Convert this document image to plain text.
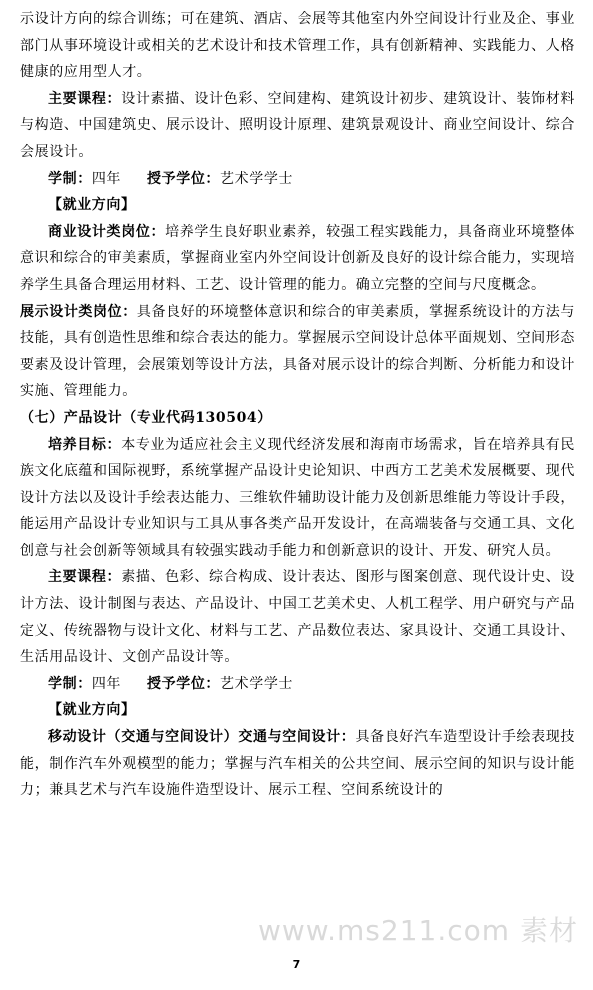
示设计方向的综合训练；可在建筑、酒店、会展等其他室内外空间设计行业及企、事业部门从事环境设计或相关的艺术设计和技术管理工作，具有创新精神、实践能力、人格健康的应用型人才。

主要课程：设计素描、设计色彩、空间建构、建筑设计初步、建筑设计、装饰材料与构造、中国建筑史、展示设计、照明设计原理、建筑景观设计、商业空间设计、综合会展设计。

学制：四年 授予学位：艺术学学士

【就业方向】

商业设计类岗位：培养学生良好职业素养，较强工程实践能力，具备商业环境整体意识和综合的审美素质，掌握商业室内外空间设计创新及良好的设计综合能力，实现培养学生具备合理运用材料、工艺、设计管理的能力。确立完整的空间与尺度概念。

展示设计类岗位：具备良好的环境整体意识和综合的审美素质，掌握系统设计的方法与技能，具有创造性思维和综合表达的能力。掌握展示空间设计总体平面规划、空间形态要素及设计管理，会展策划等设计方法，具备对展示设计的综合判断、分析能力和设计实施、管理能力。

（七）产品设计（专业代码130504）

培养目标：本专业为适应社会主义现代经济发展和海南市场需求，旨在培养具有民族文化底蕴和国际视野，系统掌握产品设计史论知识、中西方工艺美术发展概要、现代设计方法以及设计手绘表达能力、三维软件辅助设计能力及创新思维能力等设计手段，能运用产品设计专业知识与工具从事各类产品开发设计，在高端装备与交通工具、文化创意与社会创新等领域具有较强实践动手能力和创新意识的设计、开发、研究人员。

主要课程：素描、色彩、综合构成、设计表达、图形与图案创意、现代设计史、设计方法、设计制图与表达、产品设计、中国工艺美术史、人机工程学、用户研究与产品定义、传统器物与设计文化、材料与工艺、产品数位表达、家具设计、交通工具设计、生活用品设计、文创产品设计等。

学制：四年 授予学位：艺术学学士

【就业方向】

移动设计（交通与空间设计）交通与空间设计：具备良好汽车造型设计手绘表现技能，制作汽车外观模型的能力；掌握与汽车相关的公共空间、展示空间的知识与设计能力；兼具艺术与汽车设施件造型设计、展示工程、空间系统设计的

www.ms211.com 素材
7
